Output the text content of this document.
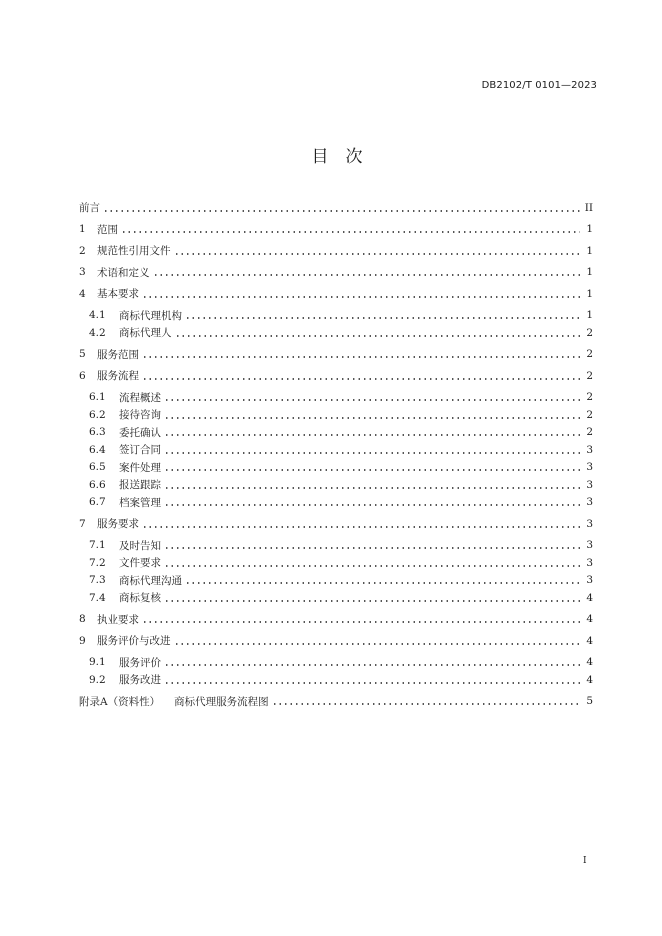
DB2102/T 0101—2023
目　次
前言	II
1	范围	1
2	规范性引用文件	1
3	术语和定义	1
4	基本要求	1
4.1	商标代理机构	1
4.2	商标代理人	2
5	服务范围	2
6	服务流程	2
6.1	流程概述	2
6.2	接待咨询	2
6.3	委托确认	2
6.4	签订合同	3
6.5	案件处理	3
6.6	报送跟踪	3
6.7	档案管理	3
7	服务要求	3
7.1	及时告知	3
7.2	文件要求	3
7.3	商标代理沟通	3
7.4	商标复核	4
8	执业要求	4
9	服务评价与改进	4
9.1	服务评价	4
9.2	服务改进	4
附录A（资料性） 商标代理服务流程图	5
I
